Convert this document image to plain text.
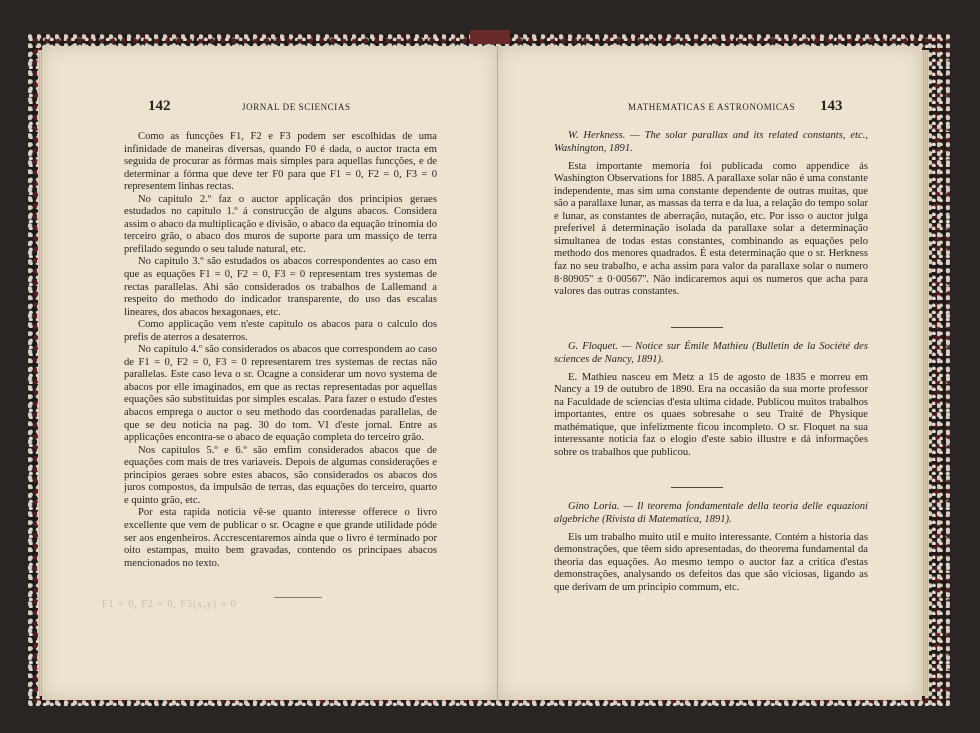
142	JORNAL DE SCIENCIAS

Como as funcções F1, F2 e F3 podem ser escolhidas de uma infinidade de maneiras diversas, quando F0 é dada, o auctor tracta em seguida de procurar as fórmas mais simples para aquellas funcções, e de determinar a fórma que deve ter F0 para que F1 = 0, F2 = 0, F3 = 0 representem linhas rectas.

No capitulo 2.º faz o auctor applicação dos principios geraes estudados no capitulo 1.º á construcção de alguns abacos. Considera assim o abaco da multiplicação e divisão, o abaco da equação trinomia do terceiro grão, o abaco dos muros de suporte para um massiço de terra prefilado segundo o seu talude natural, etc.

No capitulo 3.º são estudados os abacos correspondentes ao caso em que as equações F1 = 0, F2 = 0, F3 = 0 representam tres systemas de rectas parallelas. Ahi são considerados os trabalhos de Lallemand a respeito do methodo do indicador transparente, do uso das escalas lineares, dos abacos hexagonaes, etc.

Como applicação vem n'este capitulo os abacos para o calculo dos prefis de aterros a desaterros.

No capitulo 4.º são considerados os abacos que correspondem ao caso de F1 = 0, F2 = 0, F3 = 0 representarem tres systemas de rectas não parallelas. Este caso leva o sr. Ocagne a considerar um novo systema de abacos por elle imaginados, em que as rectas representadas por aquellas equações são substituidas por simples escalas. Para fazer o estudo d'estes abacos emprega o auctor o seu methodo das coordenadas parallelas, de que se deu noticia na pag. 30 do tom. VI d'este jornal. Entre as applicações encontra-se o abaco de equação completa do terceiro grão.

Nos capitulos 5.º e 6.º são emfim considerados abacos que de equações com mais de tres variaveis. Depois de algumas considerações e principios geraes sobre estes abacos, são considerados os abacos dos juros compostos, da impulsão de terras, das equações do terceiro, quarto e quinto grão, etc.

Por esta rapida noticia vê-se quanto interesse offerece o livro excellente que vem de publicar o sr. Ocagne e que grande utilidade póde ser aos engenheiros. Accrescentaremos ainda que o livro é terminado por oito estampas, muito bem gravadas, contendo os principaes abacos mencionados no texto.

F1 = 0, F2 = 0, F3(x,y) = 0
MATHEMATICAS E ASTRONOMICAS 143

W. Herkness. — The solar parallax and its related constants, etc., Washington, 1891.

Esta importante memoria foi publicada como appendice ás Washington Observations for 1885. A parallaxe solar não é uma constante independente, mas sim uma constante dependente de outras muitas, que são a parallaxe lunar, as massas da terra e da lua, a relação do tempo solar e lunar, as constantes de aberração, nutação, etc. Por isso o auctor julga preferivel á determinação isolada da parallaxe solar a determinação simultanea de todas estas constantes, combinando as equações pelo methodo dos menores quadrados. É esta determinação que o sr. Herkness faz no seu trabalho, e acha assim para valor da parallaxe solar o numero 8·80905'' ± 0·00567''. Não indicaremos aqui os numeros que acha para valores das outras constantes.

G. Floquet. — Notice sur Émile Mathieu (Bulletin de la Société des sciences de Nancy, 1891).

E. Mathieu nasceu em Metz a 15 de agosto de 1835 e morreu em Nancy a 19 de outubro de 1890. Era na occasião da sua morte professor na Faculdade de sciencias d'esta ultima cidade. Publicou muitos trabalhos importantes, entre os quaes sobresahe o seu Traité de Physique mathématique, que infelizmente ficou incompleto. O sr. Floquet na sua interessante noticia faz o elogio d'este sabio illustre e dá informações sobre os trabalhos que publicou.

Gino Loria. — Il teorema fondamentale della teoria delle equazioni algebriche (Rivista di Matematica, 1891).

Eis um trabalho muito util e muito interessante. Contém a historia das demonstrações, que têem sido apresentadas, do theorema fundamental da theoria das equações. Ao mesmo tempo o auctor faz a critica d'estas demonstrações, analysando os defeitos das que são viciosas, ligando as que derivam de um principio commum, etc.
